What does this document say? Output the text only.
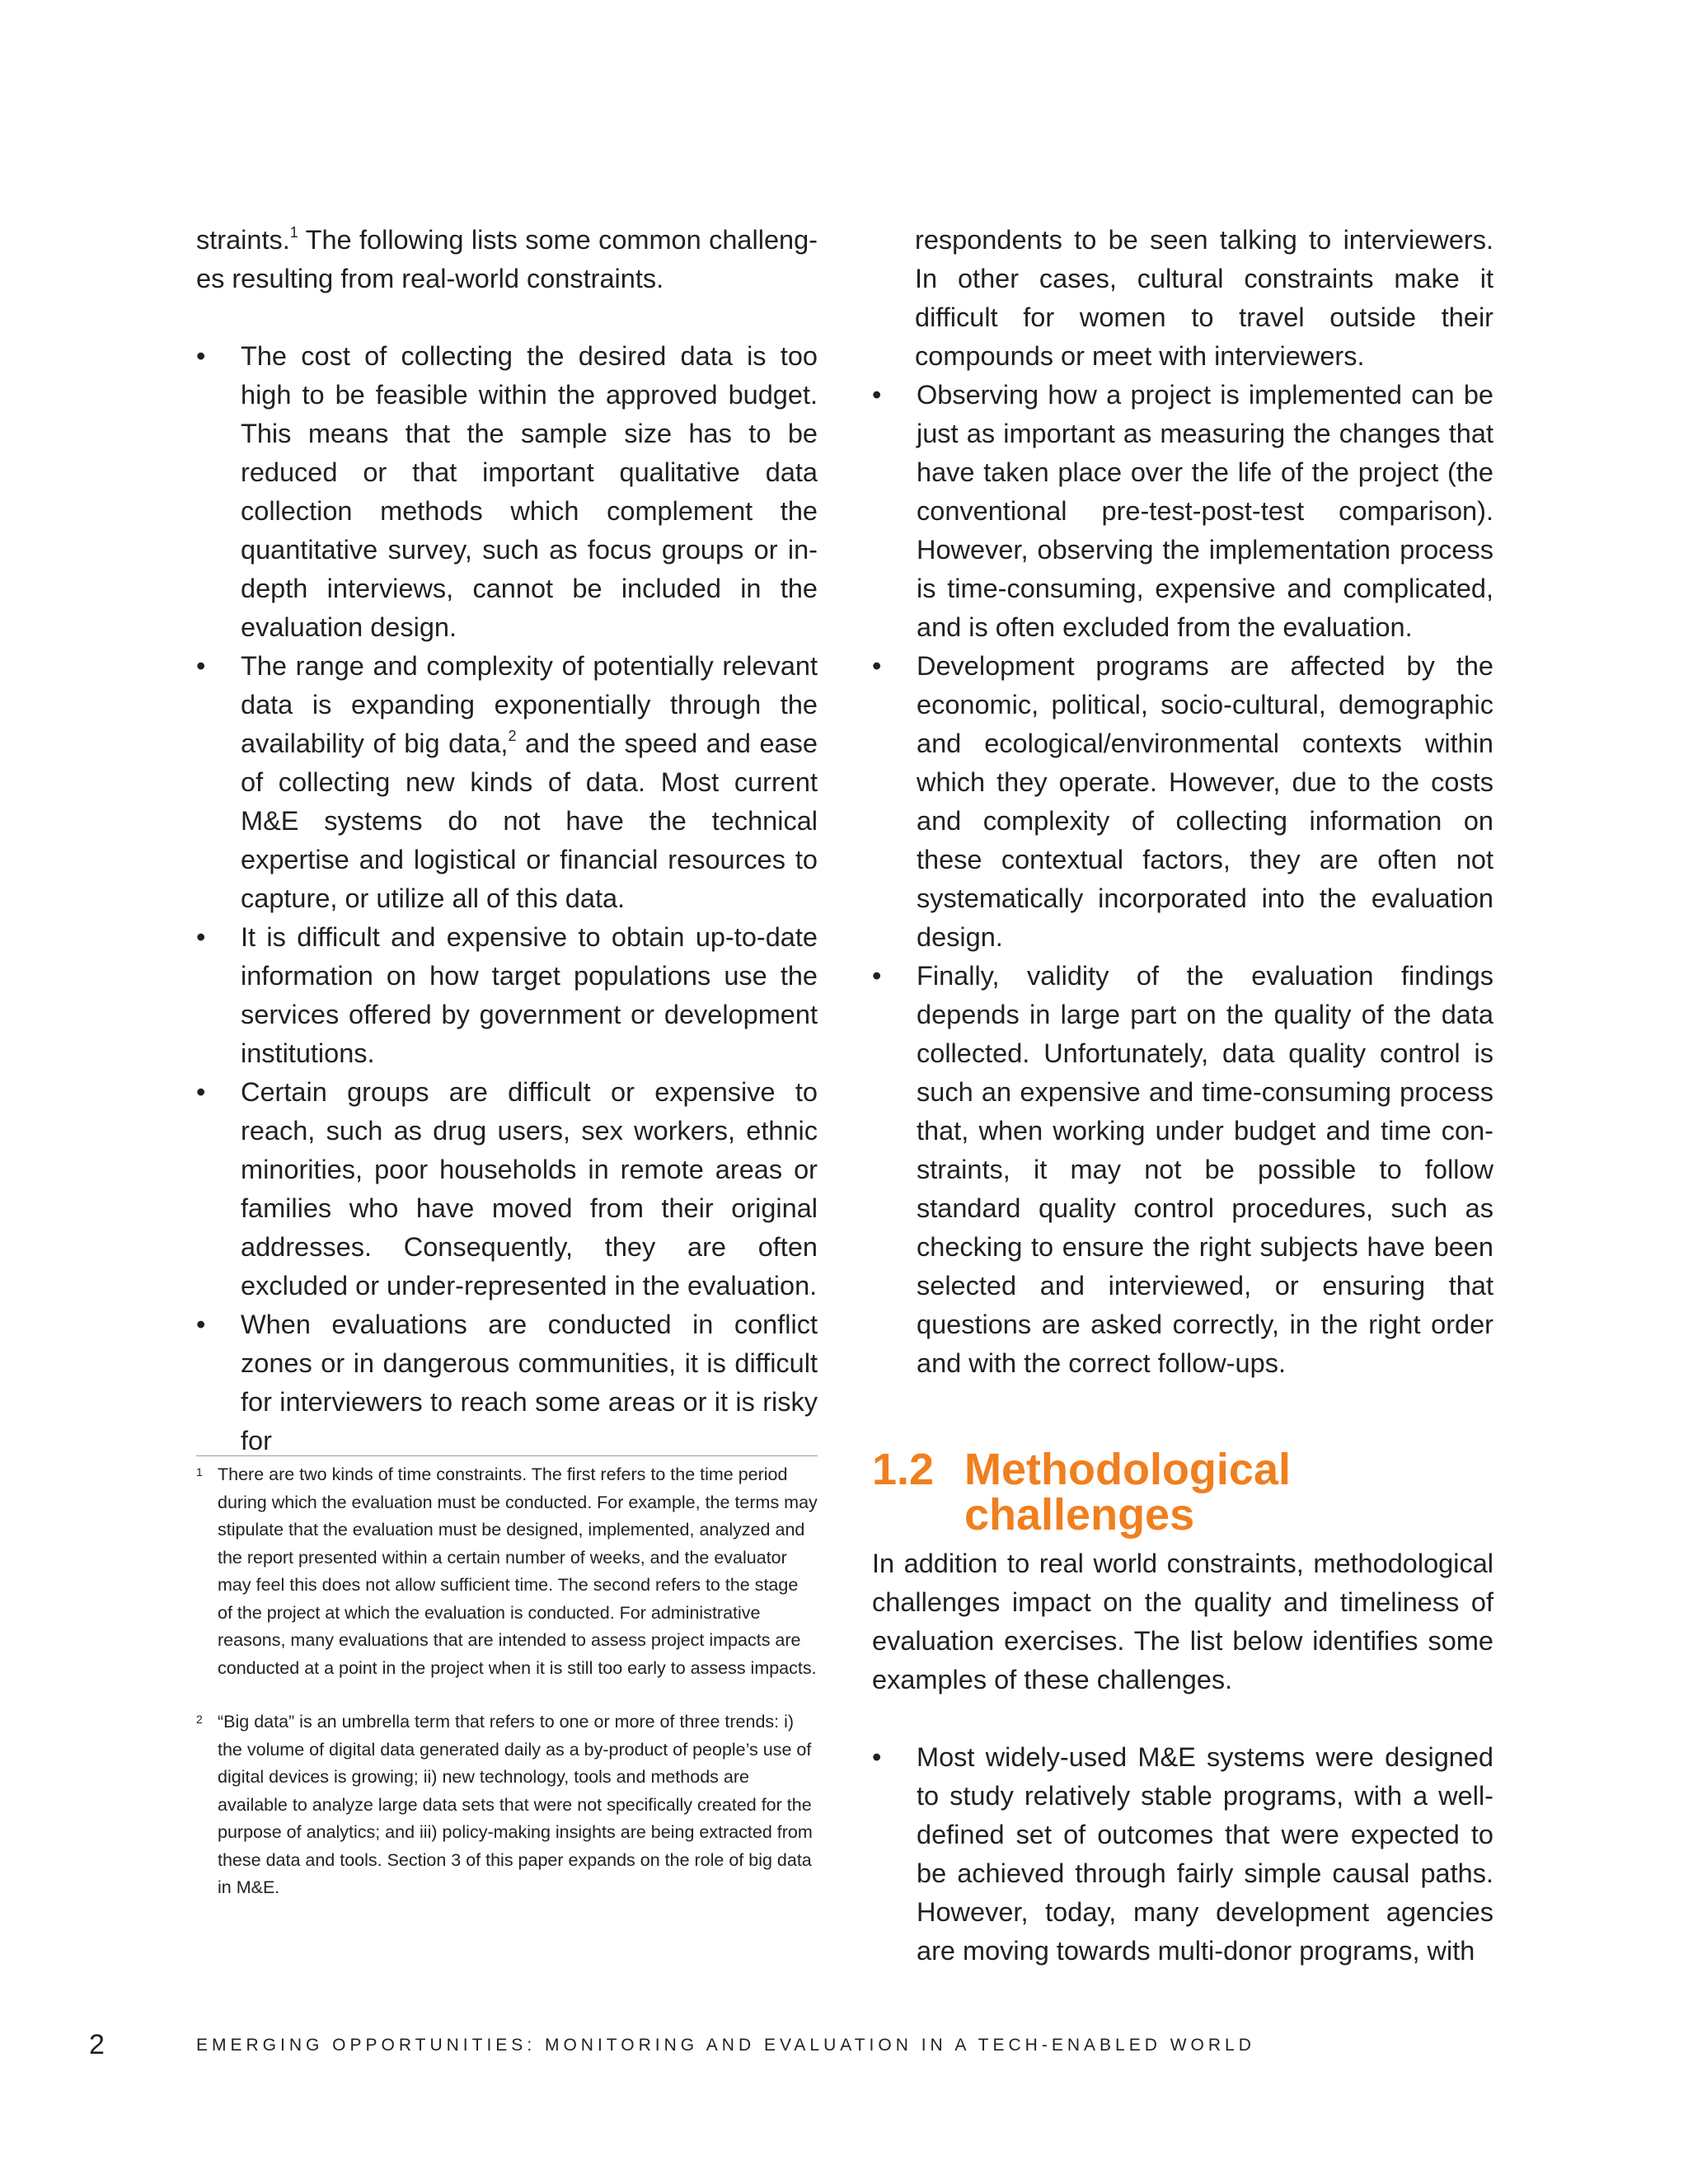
straints.$^1$ The following lists some common challenges resulting from real-world constraints.

• The cost of collecting the desired data is too high to be feasible within the approved budget. This means that the sample size has to be reduced or that important qualitative data collection methods which complement the quantitative survey, such as focus groups or in-depth interviews, cannot be included in the evaluation design.
• The range and complexity of potentially relevant data is expanding exponentially through the availability of big data,$^2$ and the speed and ease of collecting new kinds of data. Most current M&E systems do not have the technical expertise and logistical or financial resources to capture, or utilize all of this data.
• It is difficult and expensive to obtain up-to-date information on how target populations use the services offered by government or development institutions.
• Certain groups are difficult or expensive to reach, such as drug users, sex workers, ethnic minorities, poor households in remote areas or families who have moved from their original addresses. Consequently, they are often excluded or under-represented in the evaluation.
• When evaluations are conducted in conflict zones or in dangerous communities, it is difficult for interviewers to reach some areas or it is risky for
1 There are two kinds of time constraints. The first refers to the time period during which the evaluation must be conducted. For example, the terms may stipulate that the evaluation must be designed, implemented, analyzed and the report presented within a certain number of weeks, and the evaluator may feel this does not allow sufficient time. The second refers to the stage of the project at which the evaluation is conducted. For administrative reasons, many evaluations that are intended to assess project impacts are conducted at a point in the project when it is still too early to assess impacts.
2 “Big data” is an umbrella term that refers to one or more of three trends: i) the volume of digital data generated daily as a by-product of people’s use of digital devices is growing; ii) new technology, tools and methods are available to analyze large data sets that were not specifically created for the purpose of analytics; and iii) policy-making insights are being extracted from these data and tools. Section 3 of this paper expands on the role of big data in M&E.

respondents to be seen talking to interviewers. In other cases, cultural constraints make it difficult for women to travel outside their compounds or meet with interviewers.

• Observing how a project is implemented can be just as important as measuring the changes that have taken place over the life of the project (the conventional pre-test-post-test comparison). However, observing the implementation process is time-consuming, expensive and complicated, and is often excluded from the evaluation.
• Development programs are affected by the economic, political, socio-cultural, demographic and ecological/environmental contexts within which they operate. However, due to the costs and complexity of collecting information on these contextual factors, they are often not systematically incorporated into the evaluation design.
• Finally, validity of the evaluation findings depends in large part on the quality of the data collected. Unfortunately, data quality control is such an expensive and time-consuming process that, when working under budget and time constraints, it may not be possible to follow standard quality control procedures, such as checking to ensure the right subjects have been selected and interviewed, or ensuring that questions are asked correctly, in the right order and with the correct follow-ups.
1.2 Methodological challenges

In addition to real world constraints, methodological challenges impact on the quality and timeliness of evaluation exercises. The list below identifies some examples of these challenges.

• Most widely-used M&E systems were designed to study relatively stable programs, with a well-defined set of outcomes that were expected to be achieved through fairly simple causal paths. However, today, many development agencies are moving towards multi-donor programs, with
2	EMERGING OPPORTUNITIES: MONITORING AND EVALUATION IN A TECH-ENABLED WORLD
